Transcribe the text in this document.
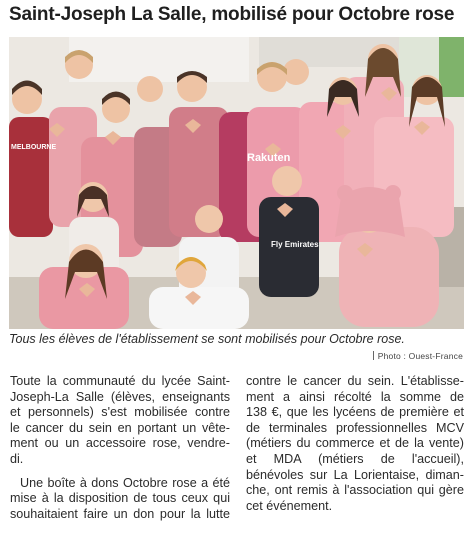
Saint-Joseph La Salle, mobilisé pour Octobre rose
Rakuten
Fly Emirates
MELBOURNE
Tous les élèves de l'établissement se sont mobilisés pour Octobre rose.
Photo : Ouest-France

Toute la communauté du lycée Saint-
Joseph-La Salle (élèves, enseignants
et personnels) s'est mobilisée contre
le cancer du sein en portant un vête-
ment ou un accessoire rose, vendre-
di.

Une boîte à dons Octobre rose a été
mise à la disposition de tous ceux qui
souhaitaient faire un don pour la lutte

contre le cancer du sein. L'établisse-
ment a ainsi récolté la somme de
138 €, que les lycéens de première et
de terminales professionnelles MCV
(métiers du commerce et de la vente)
et MDA (métiers de l'accueil),
bénévoles sur La Lorientaise, diman-
che, ont remis à l'association qui gère
cet événement.
